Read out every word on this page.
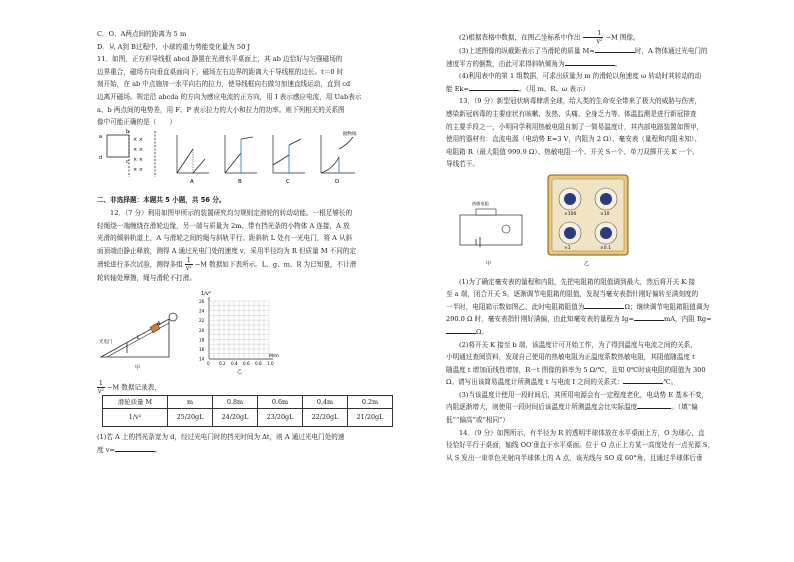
C．O、A两点间的距离为 5 m

D．从 A到 B过程中，小球的重力势能变化量为 50 J

11．如图，正方形导线框 abcd 静置在光滑水平桌面上，其 ab 边恰好与匀强磁场的

边界重合，磁场方向垂直桌面向下，磁场左右边界的距离大于导线框的边长。t＝0 时

刻开始，在 ab 中点施加一水平向右的拉力，使导线框向右做匀加速直线运动，直到 cd

边离开磁场。规定沿 abcda 的方向为感应电流的正方向，用 I 表示感应电流，用 Uab表示

a、b 两点间的电势差，用 F、P 表示拉力的大小和拉力的功率。则下列相关的关系图

像中可能正确的是（　　）

× ×
× ×
× ×
× ×
a
d
b
c
A	B	C
抛物线
D

二、非选择题：本题共 5 小题，共 56 分。

12．（7 分）利用如图甲所示的装置研究均匀规则定滑轮的转动动能。一根足够长的

轻绳绕一端缠绕在滑轮边缘，另一端与质量为 2m、带有挡光条的小物体 A 连接，A 放

光滑的倾斜轨道上，A 与滑轮之间的绳与斜轨平行。距斜轨 L 处有一光电门，将 A 从斜

面顶端由静止释放，测得 A 通过光电门处的速度 v，采用半径均为 R 但质量 M 不同的定

滑轮进行多次试验，测得多组 $\frac{1}{\text{v²}} -M$ 数据如下表所示。L、g、m、R 为已知量，不计滑

轮转轴处摩擦，绳与滑轮不打滑。

光电门
L
A
甲
1/v²
26
24
22
20
18
16
14
0 0.2 0.4 0.6 0.8 1.0
M/m
乙

$\frac{1}{\text{v²}} -M$ 数据记录表，

滑轮质量 M	m	0.8m	0.6m	0.4m	0.2m
1/v²	25/20gL	24/20gL	23/20gL	22/20gL	21/20gL

(1)若 A 上的挡光条宽为 d，经过光电门时的挡光时间为 Δt，则 A 通过光电门处的速

度 v=	。

(2)根据表格中数据，在图乙坐标系中作出 $\frac{1}{\text{v²}} -M$ 图像。

(3)上述图像的纵截距表示了当滑轮的质量 M=	时，A 物体通过光电门的

速度平方的倒数，由此可求得斜轨倾角为	。

(4)利用表中的第 1 组数据，可求出质量为 m 的滑轮以角速度 ω 转动时其转动的动

能 Ek=	。（用 m、R、ω 表示）

13．（9 分）新型冠状病毒肆虐全球，给人类的生命安全带来了极大的威胁与伤害，

感染新冠病毒的主要症状有咳嗽、发热、头痛、全身乏力等。体温监测是进行新冠排查

的主要手段之一，小明同学利用热敏电阻自制了一简易温度计，其内部电路装置如图甲，

使用的器材有：直流电源（电动势 E=3 V，内阻为 2 Ω）、毫安表（量程和内阻未知）、

电阻箱 R（最大阻值 999.9 Ω）、热敏电阻一个、开关 S一个、单刀双掷开关 K 一个、

导线若干。

热敏电阻
甲
×100	×10
×1	×0.1
乙

(1)为了确定毫安表的量程和内阻，先把电阻箱的阻值调到最大，然后将开关 K 接

至 a 端，闭合开关 S，逐渐调节电阻箱的阻值，发现当毫安表指针刚好偏转至满刻度的

一半时，电阻箱示数如图乙，此时电阻箱阻值为	Ω；继续调节电阻箱阻值调为

290.0 Ω 时，毫安表指针刚好满偏，由此知毫安表的量程为 Ig=	mA，内阻 Rg=

Ω。

(2)将开关 K 接至 b 端，该温度计可开始工作，为了得到温度与电流之间的关系，

小明通过查阅资料，发现自己使用的热敏电阻为正温度系数热敏电阻，其阻值随温度 t

随温度 t 增加而线性增加，R－t 图像的斜率为 5 Ω/℃，且知 0℃时该电阻的阻值为 300

Ω。请写出该简易温度计所测温度 t 与电流 I 之间的关系式：	℃。

(3)当该温度计使用一段时间后，其所用电源会有一定程度老化，电动势 E 基本不变，

内阻逐渐增大，则使用一段时间后该温度计所测温度会比实际温度	。（填“偏

低”“偏高”或“相同”）

14．（9 分）如图所示，有半径为 R 的透明半球体放在水平桌面上方，O 为球心，直

径恰好平行于桌面，轴线 OO′垂直于水平桌面。位于 O 点正上方某一高度处有一点光源 S，

从 S 发出一束单色光射向半球体上的 A 点，该光线与 SO 成 60°角，且通过半球体后垂
